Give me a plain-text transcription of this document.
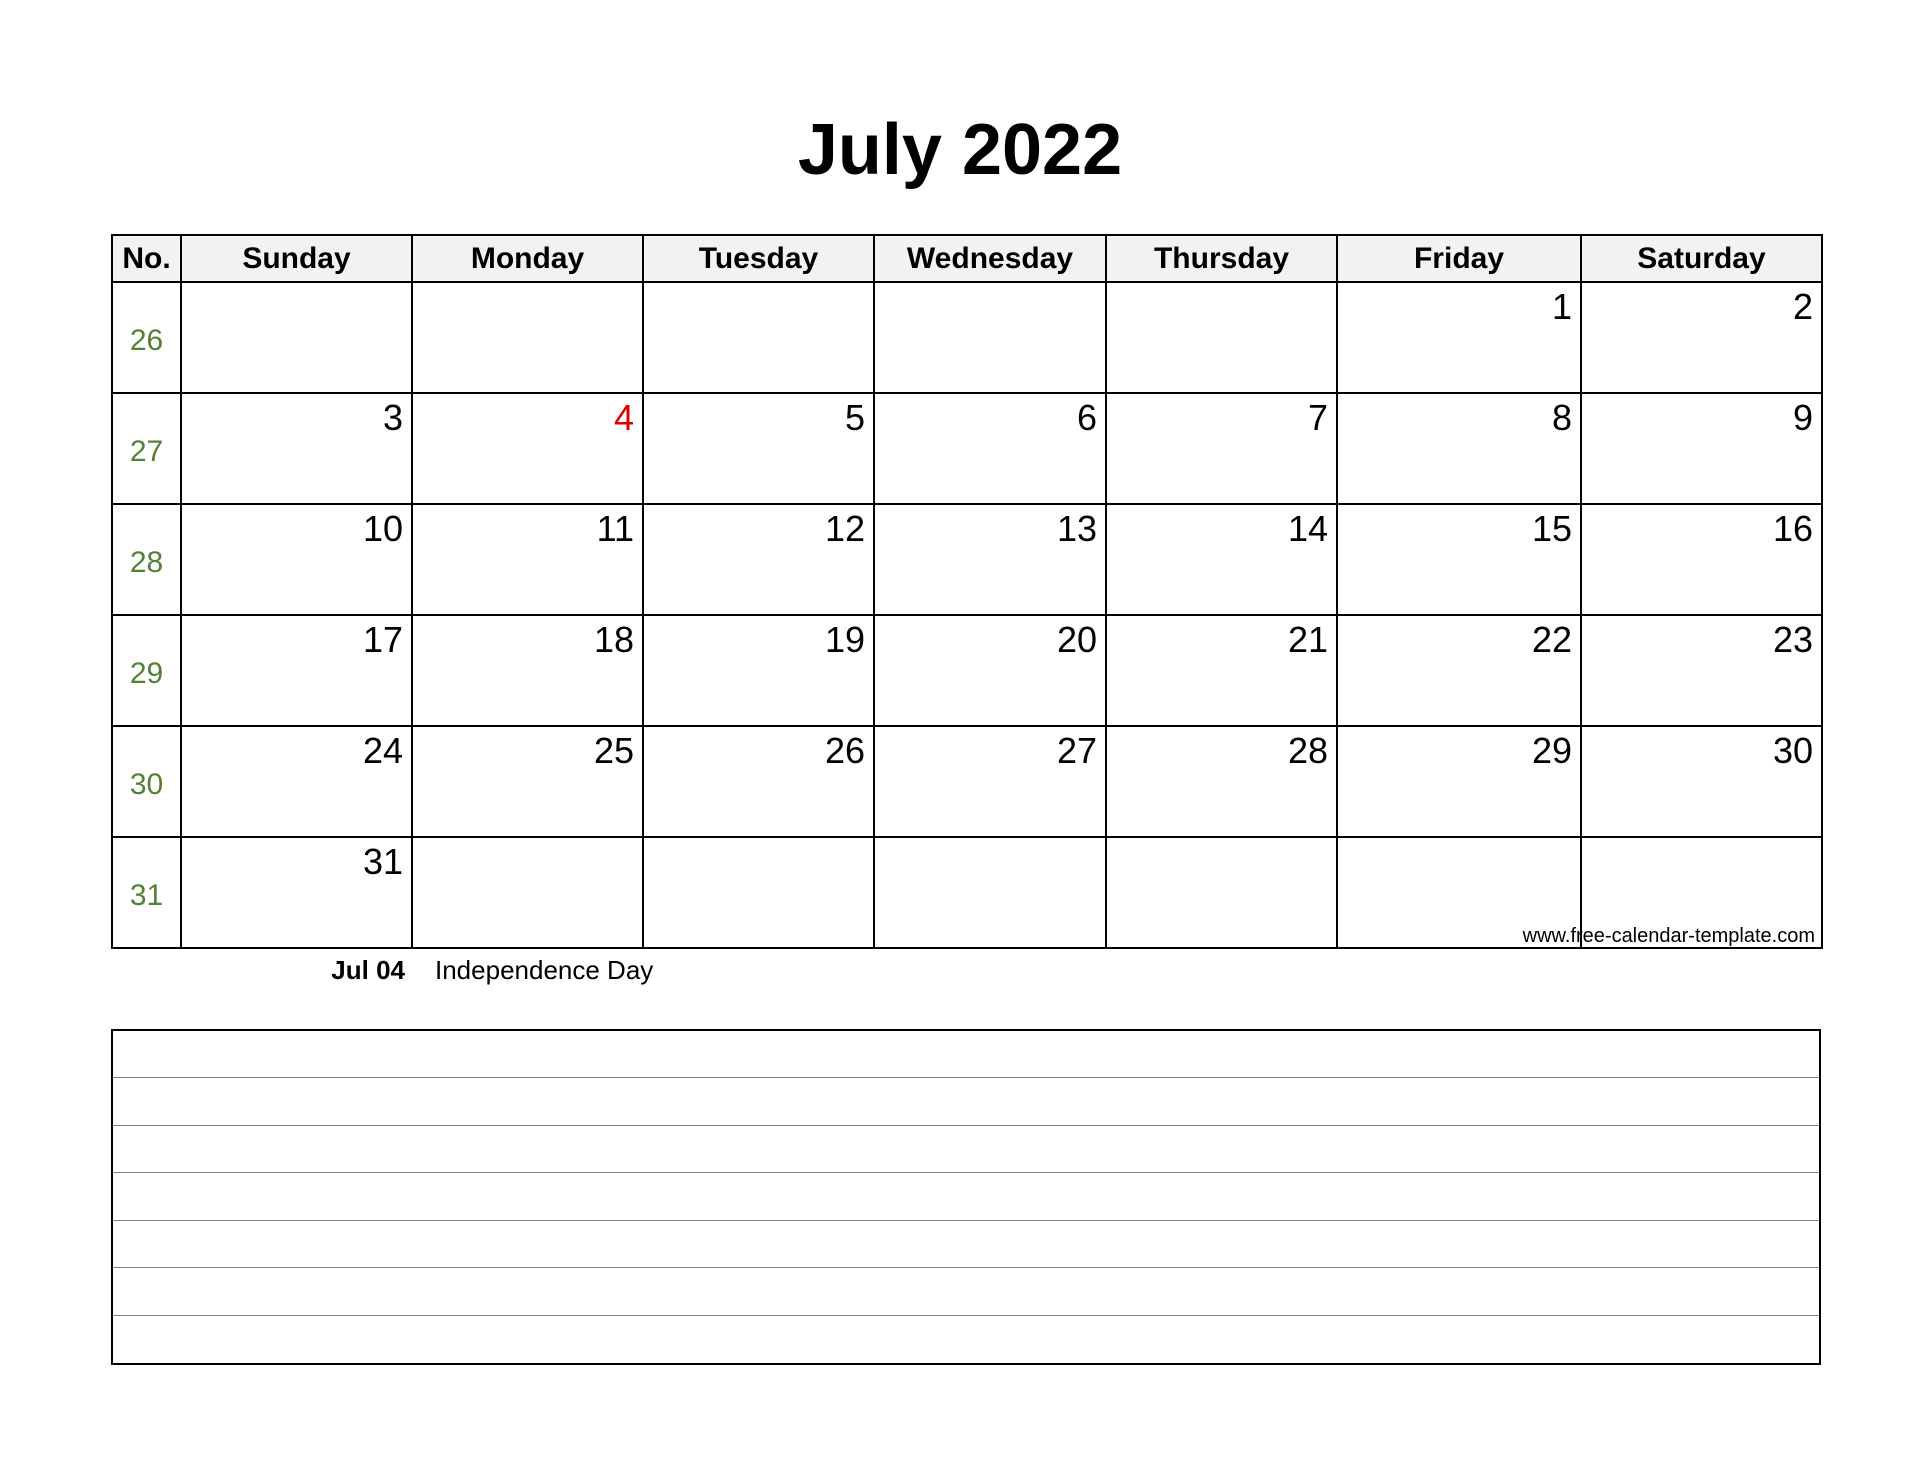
July 2022
No.	Sunday	Monday	Tuesday	Wednesday	Thursday	Friday	Saturday
26						1	2
27	3	4	5	6	7	8	9
28	10	11	12	13	14	15	16
29	17	18	19	20	21	22	23
30	24	25	26	27	28	29	30
31	31						
www.free-calendar-template.com
Jul 04 Independence Day
